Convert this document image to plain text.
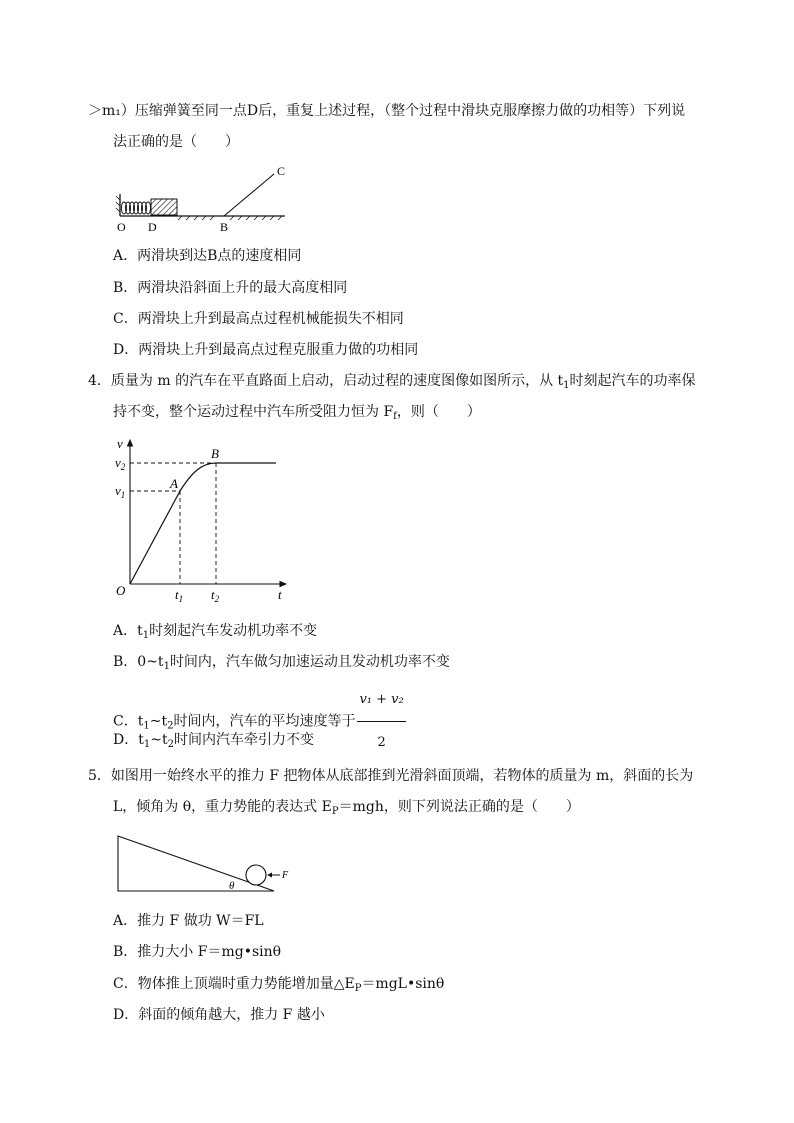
＞m₁）压缩弹簧至同一点D后，重复上述过程，（整个过程中滑块克服摩擦力做的功相等）下列说
法正确的是（　　）
C
O D	B
A．两滑块到达B点的速度相同
B．两滑块沿斜面上升的最大高度相同
C．两滑块上升到最高点过程机械能损失不相同
D．两滑块上升到最高点过程克服重力做的功相同
4．质量为 m 的汽车在平直路面上启动，启动过程的速度图像如图所示，从 $t_1$时刻起汽车的功率保
持不变，整个运动过程中汽车所受阻力恒为 $F_f$，则（　　）
v
t
O
$v_2$
$v_1$
A
B
$t_1$ $t_2$
A．$t_1$时刻起汽车发动机功率不变
B．$0\sim t_1$时间内，汽车做匀加速运动且发动机功率不变
C．$t_1\sim t_2$时间内，汽车的平均速度等于 $\frac{\text{v₁ + v₂}}{2}$
D．$t_1\sim t_2$时间内汽车牵引力不变
5．如图用一始终水平的推力 F 把物体从底部推到光滑斜面顶端，若物体的质量为 m，斜面的长为
L，倾角为 θ，重力势能的表达式 $E_P=mgh$，则下列说法正确的是（　　）
F
θ
A．推力 F 做功 W＝FL
B．推力大小 F＝mg•sinθ
C．物体推上顶端时重力势能增加量$\triangle E_P=mgL•\sin\theta$
D．斜面的倾角越大，推力 F 越小
